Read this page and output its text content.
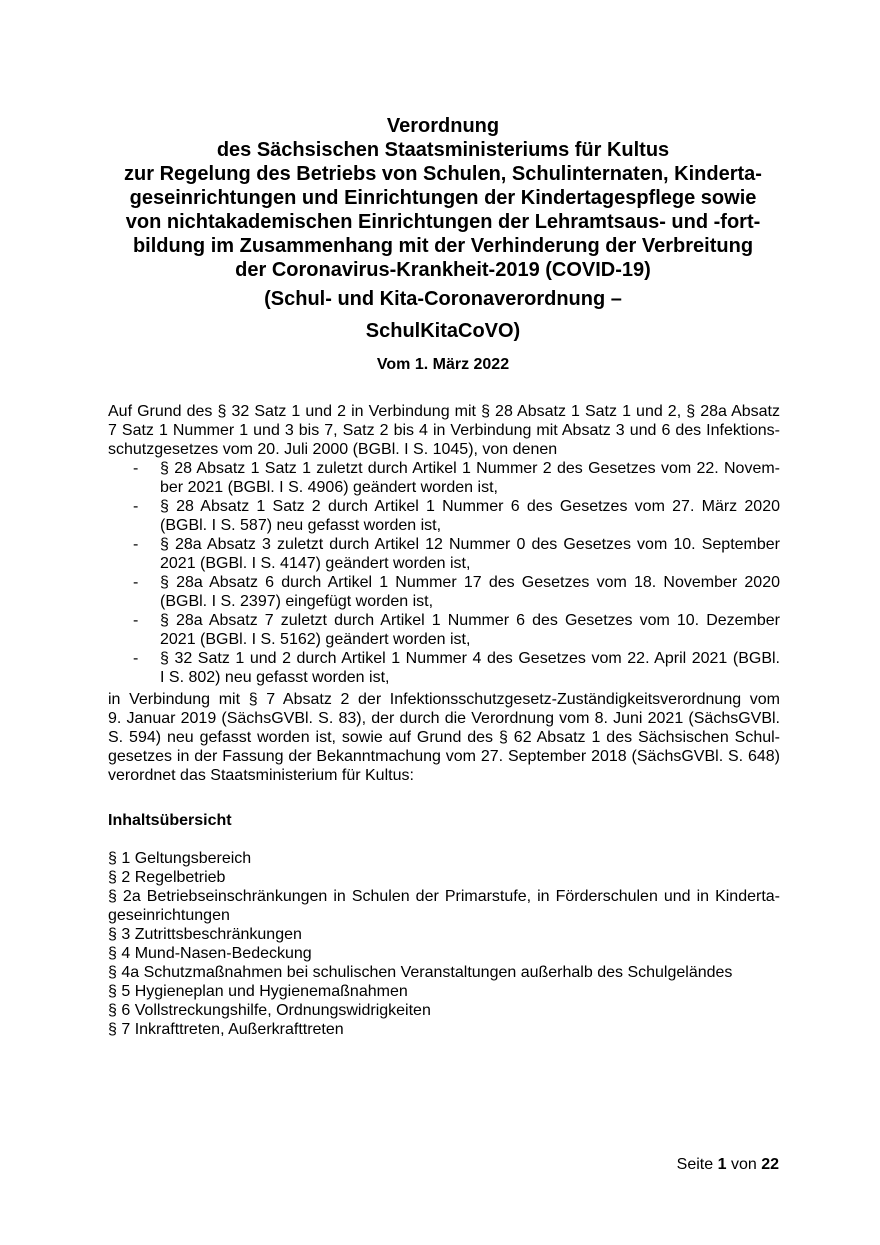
Verordnung
des Sächsischen Staatsministeriums für Kultus
zur Regelung des Betriebs von Schulen, Schulinternaten, Kinderta-
geseinrichtungen und Einrichtungen der Kindertagespflege sowie
von nichtakademischen Einrichtungen der Lehramtsaus- und -fort-
bildung im Zusammenhang mit der Verhinderung der Verbreitung
der Coronavirus-Krankheit-2019 (COVID-19)
(Schul- und Kita-Coronaverordnung –
SchulKitaCoVO)
Vom 1. März 2022
Auf Grund des § 32 Satz 1 und 2 in Verbindung mit § 28 Absatz 1 Satz 1 und 2, § 28a Absatz
7 Satz 1 Nummer 1 und 3 bis 7, Satz 2 bis 4 in Verbindung mit Absatz 3 und 6 des Infektions-
schutzgesetzes vom 20. Juli 2000 (BGBl. I S. 1045), von denen
- § 28 Absatz 1 Satz 1 zuletzt durch Artikel 1 Nummer 2 des Gesetzes vom 22. Novem-
ber 2021 (BGBl. I S. 4906) geändert worden ist,
- § 28 Absatz 1 Satz 2 durch Artikel 1 Nummer 6 des Gesetzes vom 27. März 2020
(BGBl. I S. 587) neu gefasst worden ist,
- § 28a Absatz 3 zuletzt durch Artikel 12 Nummer 0 des Gesetzes vom 10. September
2021 (BGBl. I S. 4147) geändert worden ist,
- § 28a Absatz 6 durch Artikel 1 Nummer 17 des Gesetzes vom 18. November 2020
(BGBl. I S. 2397) eingefügt worden ist,
- § 28a Absatz 7 zuletzt durch Artikel 1 Nummer 6 des Gesetzes vom 10. Dezember
2021 (BGBl. I S. 5162) geändert worden ist,
- § 32 Satz 1 und 2 durch Artikel 1 Nummer 4 des Gesetzes vom 22. April 2021 (BGBl.
I S. 802) neu gefasst worden ist,
in Verbindung mit § 7 Absatz 2 der Infektionsschutzgesetz-Zuständigkeitsverordnung vom
9. Januar 2019 (SächsGVBl. S. 83), der durch die Verordnung vom 8. Juni 2021 (SächsGVBl.
S. 594) neu gefasst worden ist, sowie auf Grund des § 62 Absatz 1 des Sächsischen Schul-
gesetzes in der Fassung der Bekanntmachung vom 27. September 2018 (SächsGVBl. S. 648)
verordnet das Staatsministerium für Kultus:
Inhaltsübersicht
§ 1 Geltungsbereich
§ 2 Regelbetrieb
§ 2a Betriebseinschränkungen in Schulen der Primarstufe, in Förderschulen und in Kinderta-
geseinrichtungen
§ 3 Zutrittsbeschränkungen
§ 4 Mund-Nasen-Bedeckung
§ 4a Schutzmaßnahmen bei schulischen Veranstaltungen außerhalb des Schulgeländes
§ 5 Hygieneplan und Hygienemaßnahmen
§ 6 Vollstreckungshilfe, Ordnungswidrigkeiten
§ 7 Inkrafttreten, Außerkrafttreten
Seite 1 von 22
